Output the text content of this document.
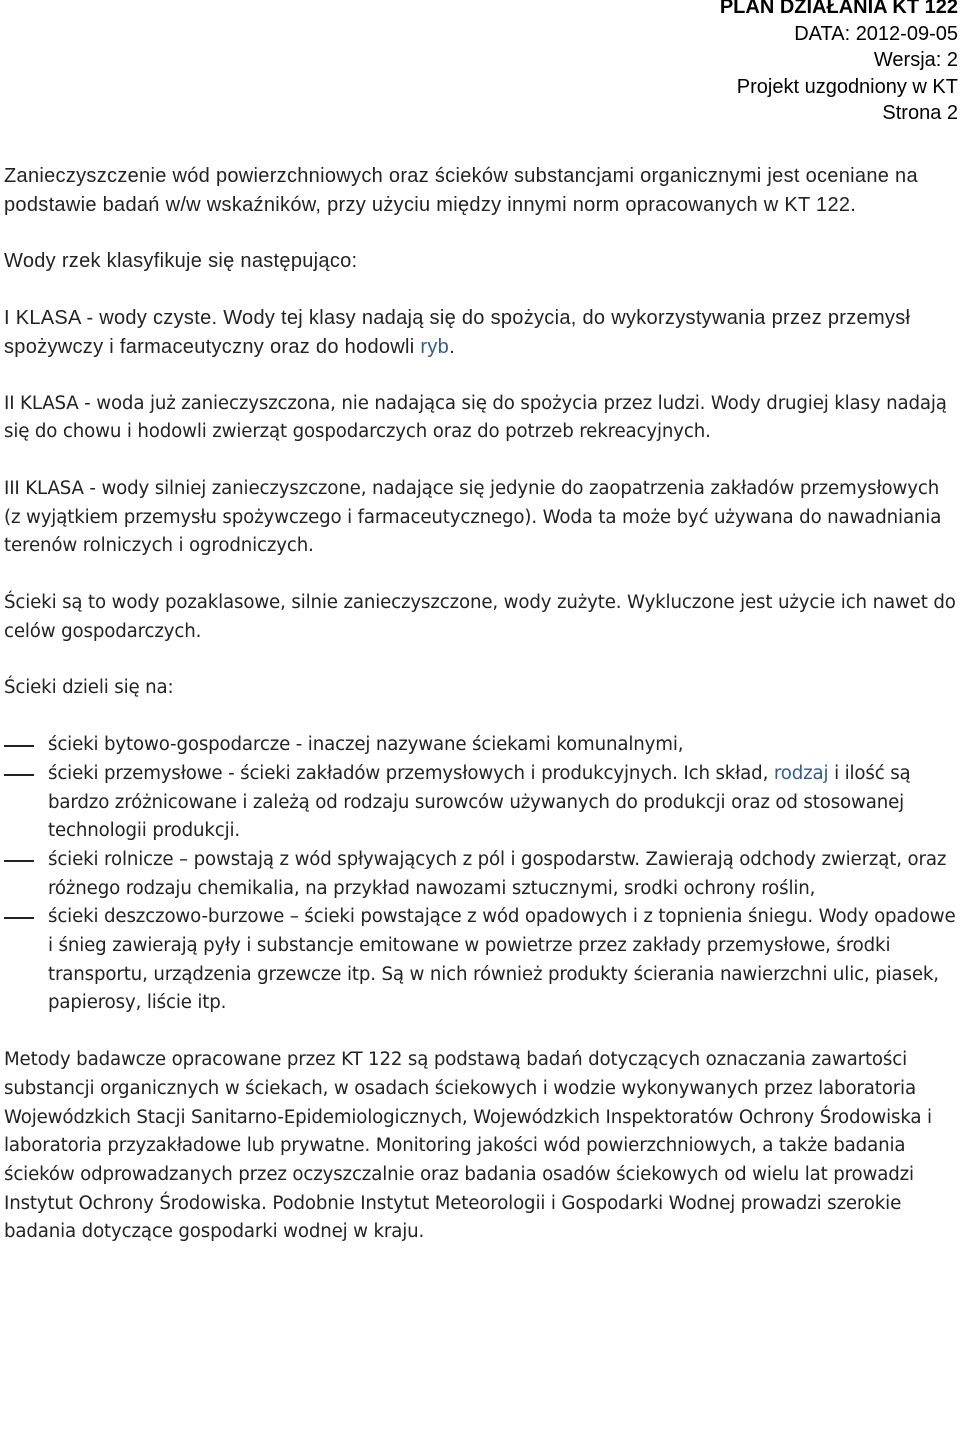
PLAN DZIAŁANIA KT 122
DATA: 2012-09-05
Wersja: 2
Projekt uzgodniony w KT
Strona 2

Zanieczyszczenie wód powierzchniowych oraz ścieków substancjami organicznymi jest oceniane na podstawie badań w/w wskaźników, przy użyciu między innymi norm opracowanych w KT 122.

Wody rzek klasyfikuje się następująco:

I KLASA - wody czyste. Wody tej klasy nadają się do spożycia, do wykorzystywania przez przemysł spożywczy i farmaceutyczny oraz do hodowli ryb.

II KLASA - woda już zanieczyszczona, nie nadająca się do spożycia przez ludzi. Wody drugiej klasy nadają się do chowu i hodowli zwierząt gospodarczych oraz do potrzeb rekreacyjnych.

III KLASA - wody silniej zanieczyszczone, nadające się jedynie do zaopatrzenia zakładów przemysłowych (z wyjątkiem przemysłu spożywczego i farmaceutycznego). Woda ta może być używana do nawadniania terenów rolniczych i ogrodniczych.

Ścieki są to wody pozaklasowe, silnie zanieczyszczone, wody zużyte. Wykluczone jest użycie ich nawet do celów gospodarczych.

Ścieki dzieli się na:

ścieki bytowo-gospodarcze - inaczej nazywane ściekami komunalnymi,
ścieki przemysłowe - ścieki zakładów przemysłowych i produkcyjnych. Ich skład, rodzaj i ilość są bardzo zróżnicowane i zależą od rodzaju surowców używanych do produkcji oraz od stosowanej technologii produkcji.
ścieki rolnicze – powstają z wód spływających z pól i gospodarstw. Zawierają odchody zwierząt, oraz różnego rodzaju chemikalia, na przykład nawozami sztucznymi, srodki ochrony roślin,
ścieki deszczowo-burzowe – ścieki powstające z wód opadowych i z topnienia śniegu. Wody opadowe i śnieg zawierają pyły i substancje emitowane w powietrze przez zakłady przemysłowe, środki transportu, urządzenia grzewcze itp. Są w nich również produkty ścierania nawierzchni ulic, piasek, papierosy, liście itp.

Metody badawcze opracowane przez KT 122 są podstawą badań dotyczących oznaczania zawartości substancji organicznych w ściekach, w osadach ściekowych i wodzie wykonywanych przez laboratoria Wojewódzkich Stacji Sanitarno-Epidemiologicznych, Wojewódzkich Inspektoratów Ochrony Środowiska i laboratoria przyzakładowe lub prywatne. Monitoring jakości wód powierzchniowych, a także badania ścieków odprowadzanych przez oczyszczalnie oraz badania osadów ściekowych od wielu lat prowadzi Instytut Ochrony Środowiska. Podobnie Instytut Meteorologii i Gospodarki Wodnej prowadzi szerokie badania dotyczące gospodarki wodnej w kraju.
